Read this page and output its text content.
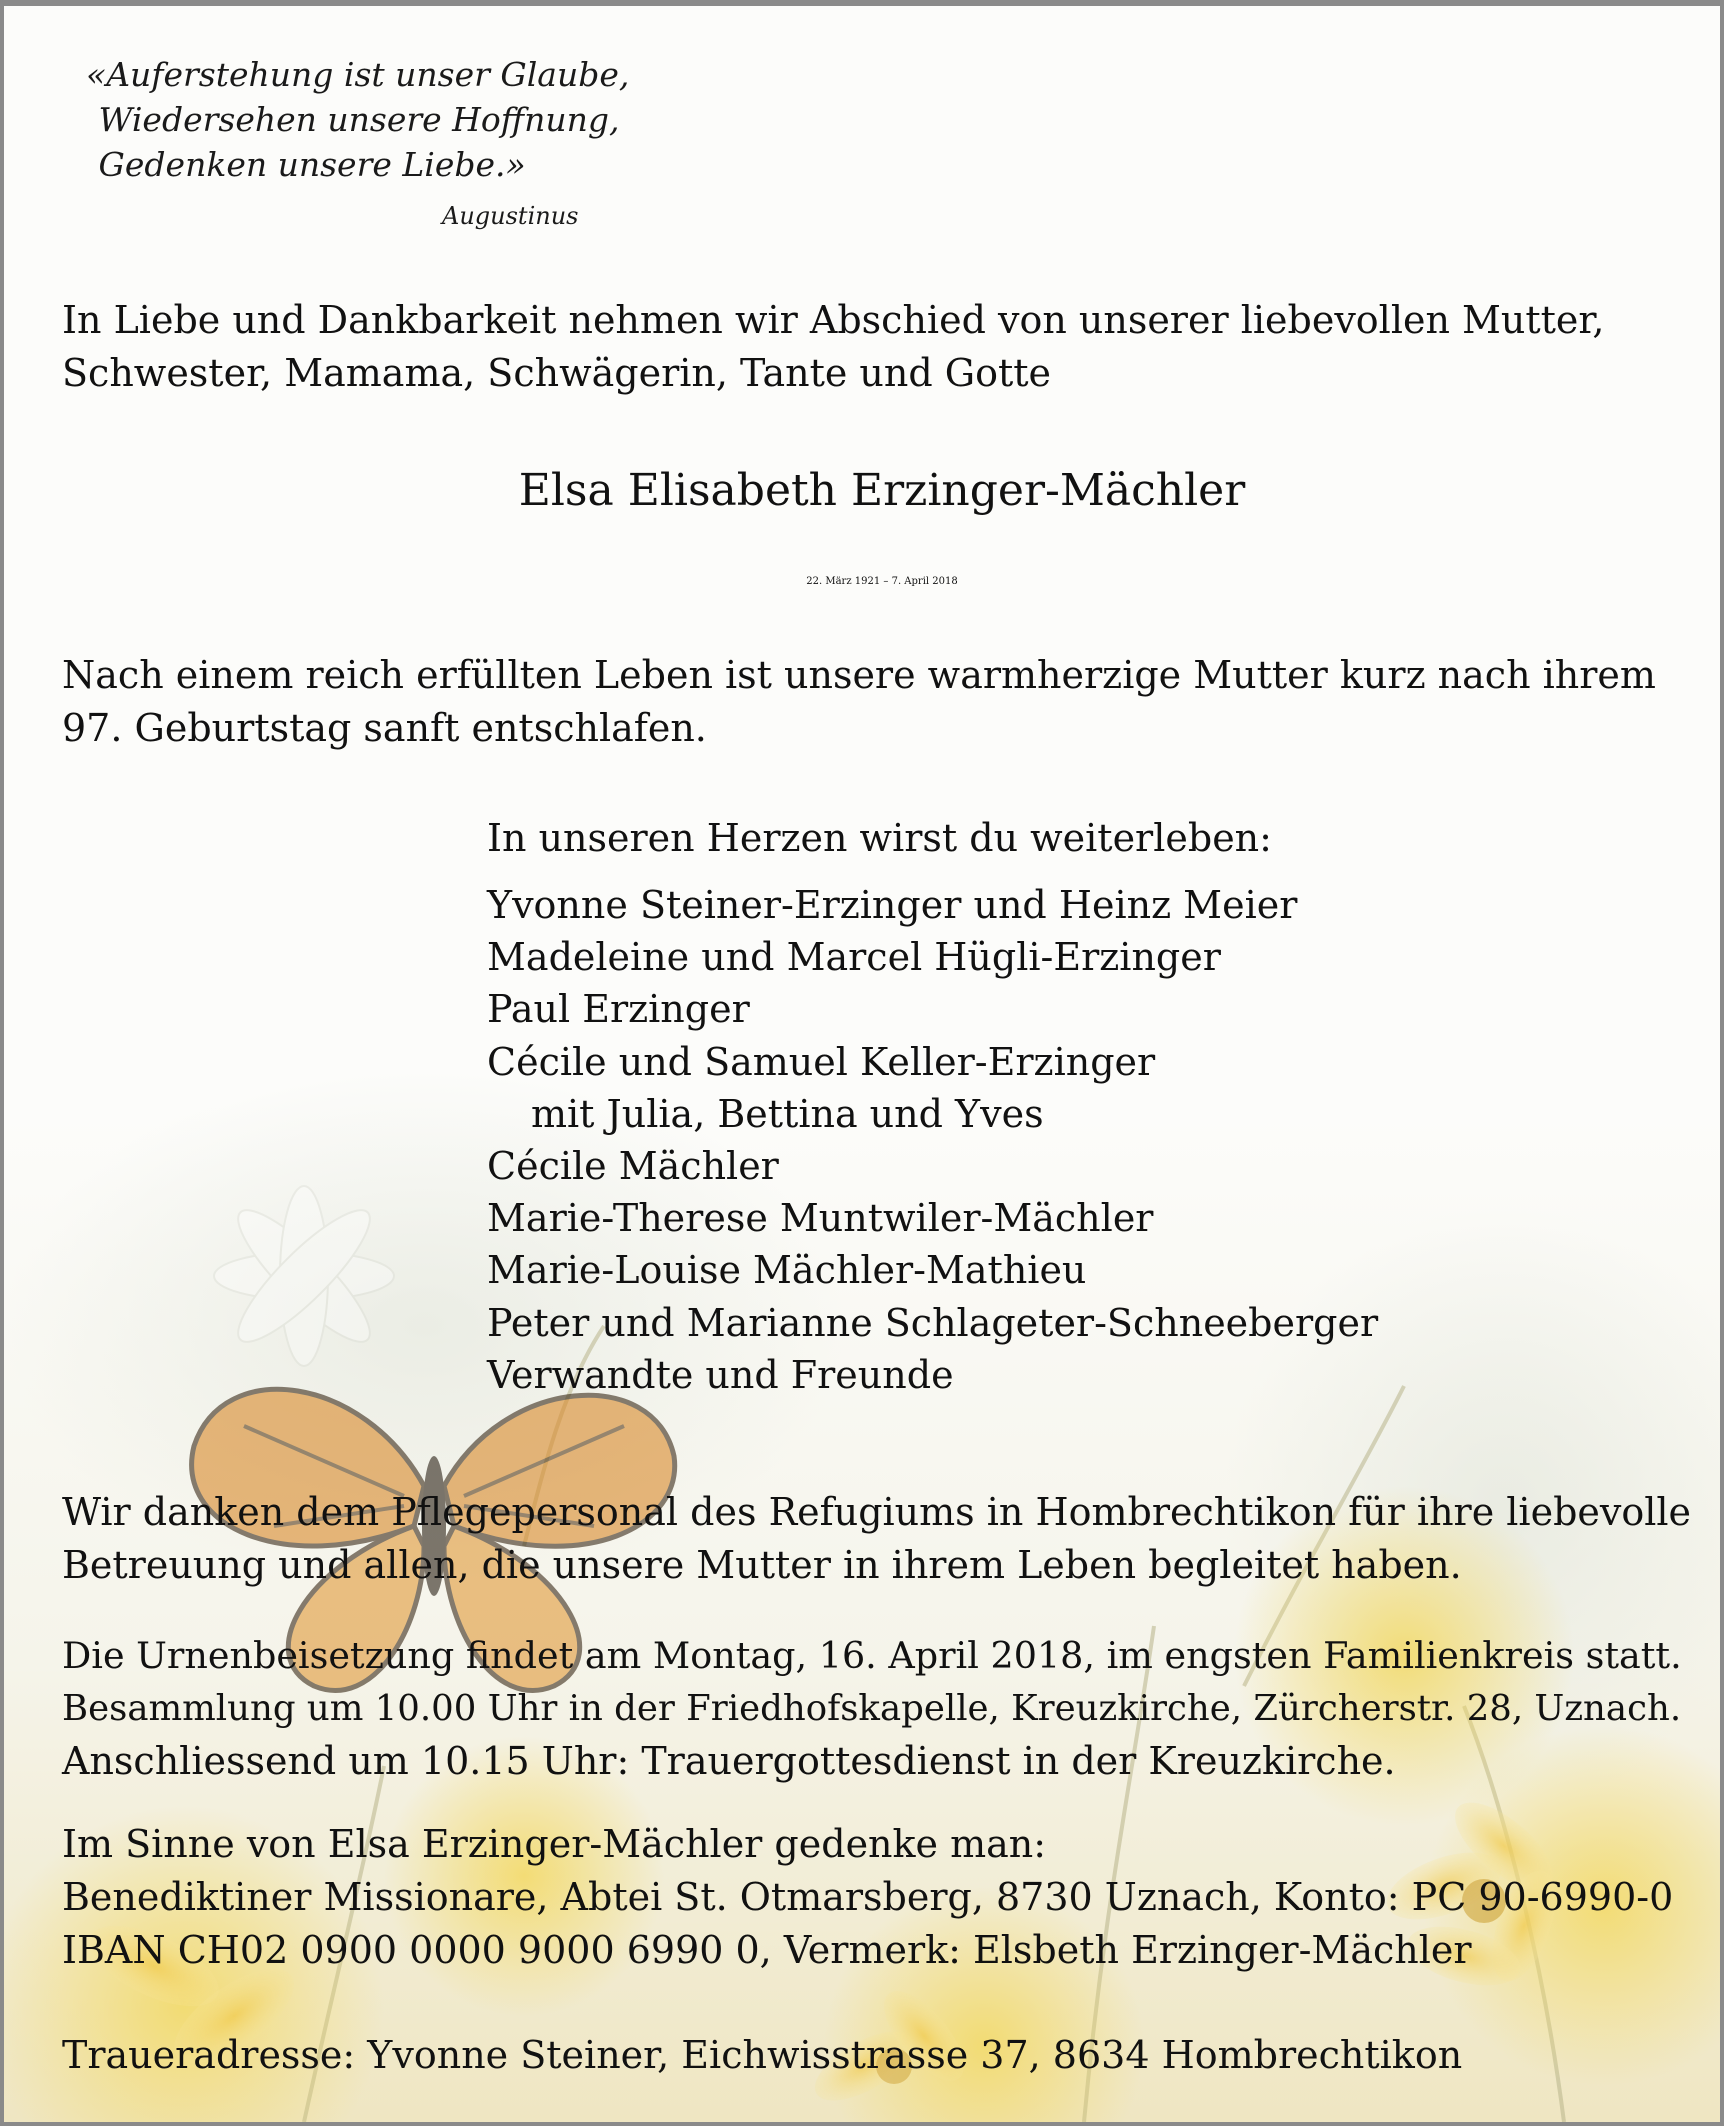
«Auferstehung ist unser Glaube,
Wiedersehen unsere Hoffnung,
Gedenken unsere Liebe.»
Augustinus
In Liebe und Dankbarkeit nehmen wir Abschied von unserer liebevollen Mutter,
Schwester, Mamama, Schwägerin, Tante und Gotte
Elsa Elisabeth Erzinger-Mächler
22. März 1921 – 7. April 2018
Nach einem reich erfüllten Leben ist unsere warmherzige Mutter kurz nach ihrem
97. Geburtstag sanft entschlafen.
In unseren Herzen wirst du weiterleben:
Yvonne Steiner-Erzinger und Heinz Meier
Madeleine und Marcel Hügli-Erzinger
Paul Erzinger
Cécile und Samuel Keller-Erzinger
mit Julia, Bettina und Yves
Cécile Mächler
Marie-Therese Muntwiler-Mächler
Marie-Louise Mächler-Mathieu
Peter und Marianne Schlageter-Schneeberger
Verwandte und Freunde
Wir danken dem Pflegepersonal des Refugiums in Hombrechtikon für ihre liebevolle
Betreuung und allen, die unsere Mutter in ihrem Leben begleitet haben.
Die Urnenbeisetzung findet am Montag, 16. April 2018, im engsten Familienkreis statt.
Besammlung um 10.00 Uhr in der Friedhofskapelle, Kreuzkirche, Zürcherstr. 28, Uznach.
Anschliessend um 10.15 Uhr: Trauergottesdienst in der Kreuzkirche.
Im Sinne von Elsa Erzinger-Mächler gedenke man:
Benediktiner Missionare, Abtei St. Otmarsberg, 8730 Uznach, Konto: PC 90-6990-0
IBAN CH02 0900 0000 9000 6990 0, Vermerk: Elsbeth Erzinger-Mächler
Traueradresse: Yvonne Steiner, Eichwisstrasse 37, 8634 Hombrechtikon
